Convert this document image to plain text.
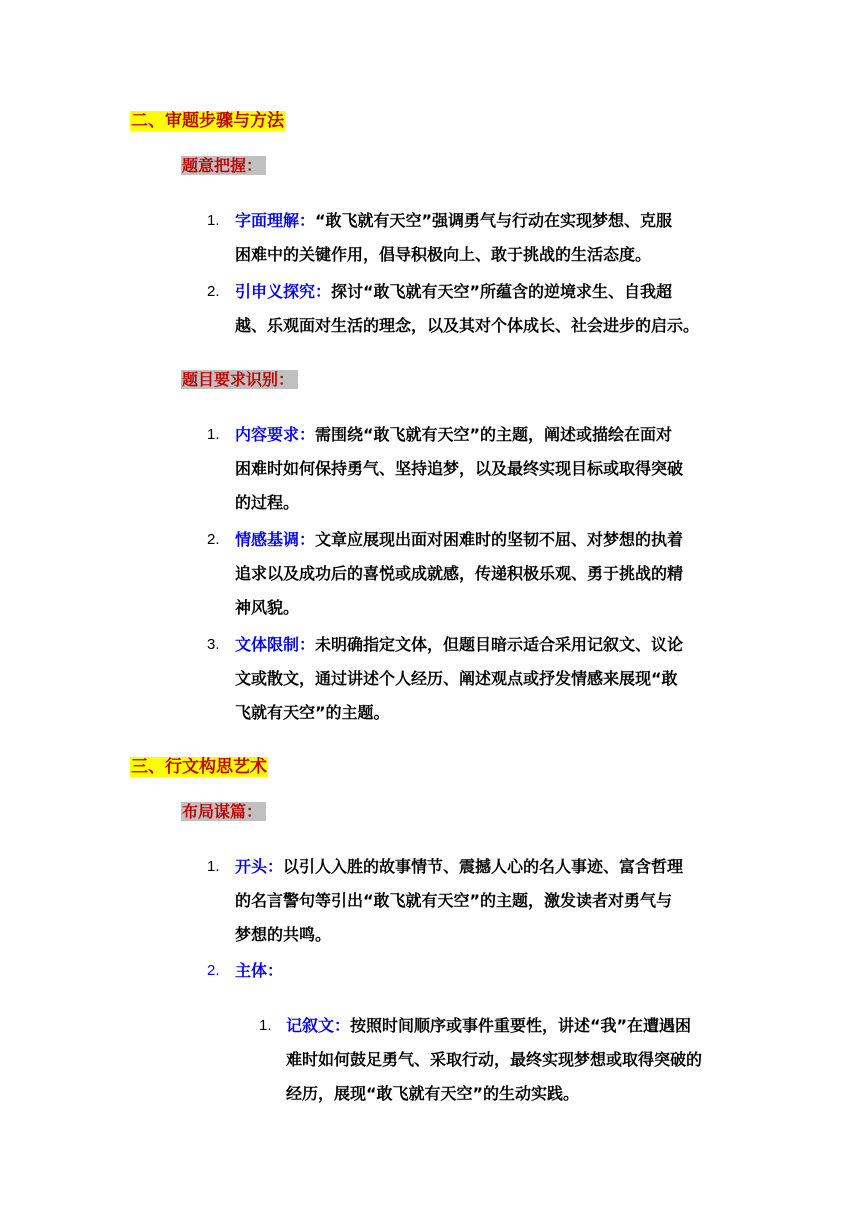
二、审题步骤与方法
题意把握：
1. 字面理解：“敢飞就有天空”强调勇气与行动在实现梦想、克服
困难中的关键作用，倡导积极向上、敢于挑战的生活态度。
2. 引申义探究：探讨“敢飞就有天空”所蕴含的逆境求生、自我超
越、乐观面对生活的理念，以及其对个体成长、社会进步的启示。
题目要求识别：
1. 内容要求：需围绕“敢飞就有天空”的主题，阐述或描绘在面对
困难时如何保持勇气、坚持追梦，以及最终实现目标或取得突破
的过程。
2. 情感基调：文章应展现出面对困难时的坚韧不屈、对梦想的执着
追求以及成功后的喜悦或成就感，传递积极乐观、勇于挑战的精
神风貌。
3. 文体限制：未明确指定文体，但题目暗示适合采用记叙文、议论
文或散文，通过讲述个人经历、阐述观点或抒发情感来展现“敢
飞就有天空”的主题。
三、行文构思艺术
布局谋篇：
1. 开头：以引人入胜的故事情节、震撼人心的名人事迹、富含哲理
的名言警句等引出“敢飞就有天空”的主题，激发读者对勇气与
梦想的共鸣。
2. 主体：
1. 记叙文：按照时间顺序或事件重要性，讲述“我”在遭遇困
难时如何鼓足勇气、采取行动，最终实现梦想或取得突破的
经历，展现“敢飞就有天空”的生动实践。
